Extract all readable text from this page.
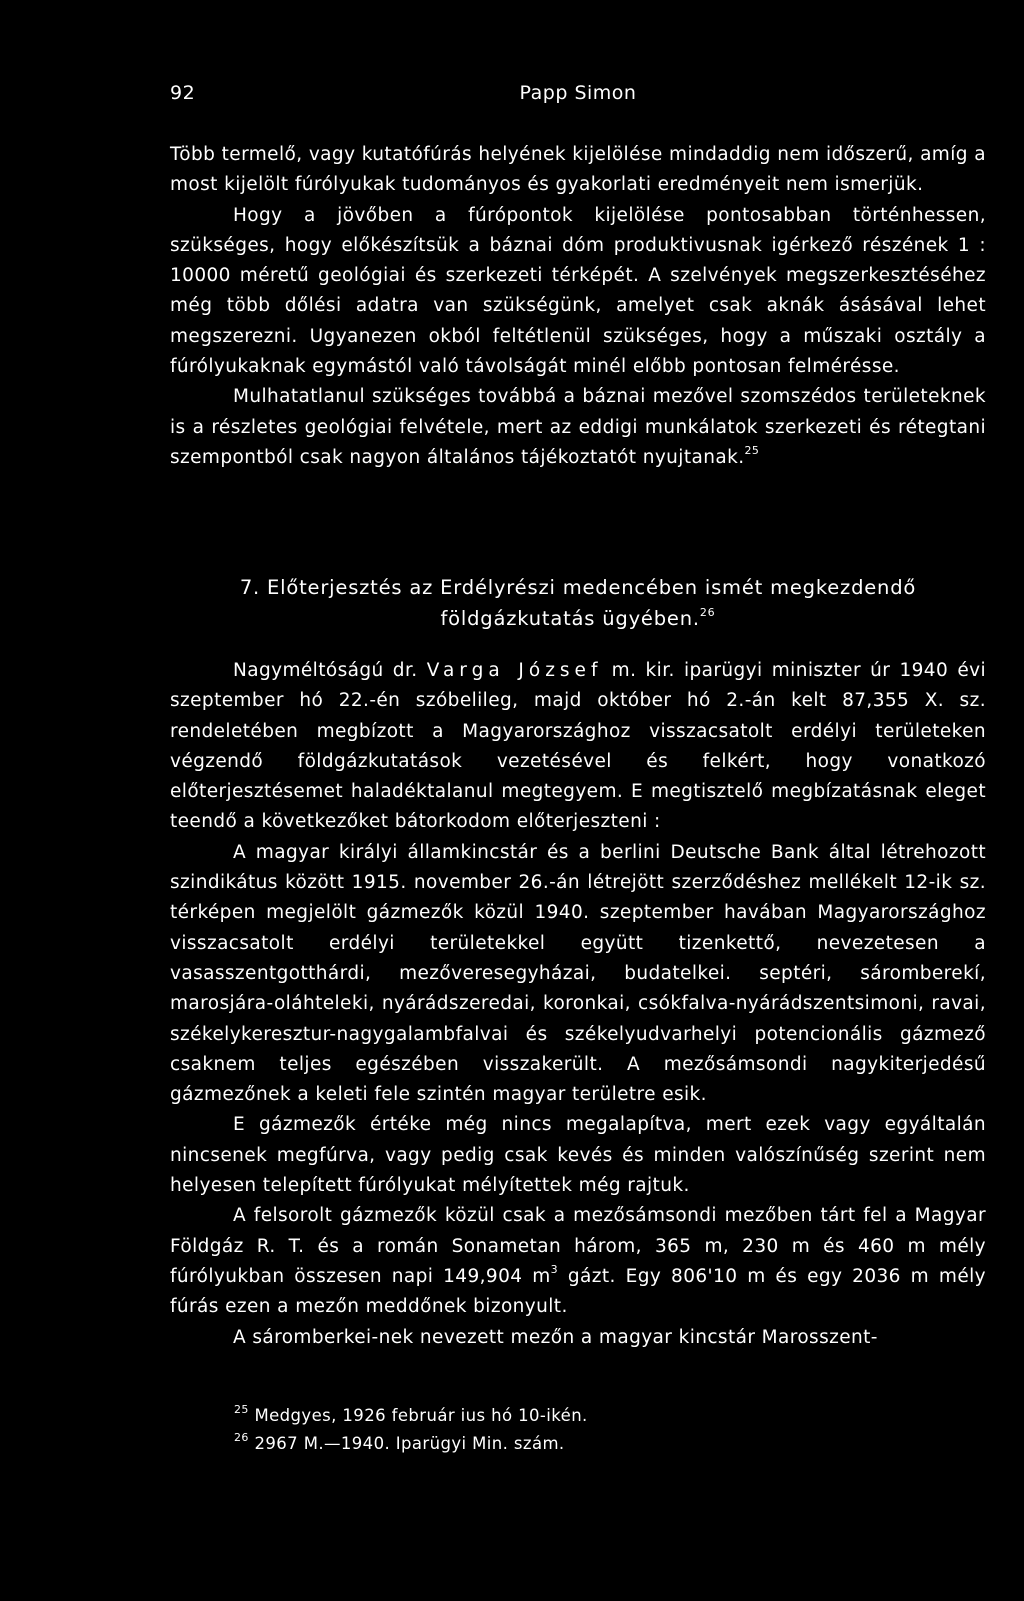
92	Papp Simon

Több termelő, vagy kutatófúrás helyének kijelölése mindaddig nem időszerű, amíg a most kijelölt fúrólyukak tudományos és gyakorlati eredményeit nem ismerjük.

Hogy a jövőben a fúrópontok kijelölése pontosabban történhessen, szükséges, hogy előkészítsük a báznai dóm produktivusnak igérkező részének 1 : 10000 méretű geológiai és szerkezeti térképét. A szelvények megszerkesztéséhez még több dőlési adatra van szükségünk, amelyet csak aknák ásásával lehet megszerezni. Ugyanezen okból feltétlenül szükséges, hogy a műszaki osztály a fúrólyukaknak egymástól való távolságát minél előbb pontosan felmérésse.

Mulhatatlanul szükséges továbbá a báznai mezővel szomszédos területeknek is a részletes geológiai felvétele, mert az eddigi munkálatok szerkezeti és rétegtani szempontból csak nagyon általános tájékoztatót nyujtanak.$^{25}$

7. Előterjesztés az Erdélyrészi medencében ismét megkezdendő
földgázkutatás ügyében.$^{26}$

Nagyméltóságú dr. Varga József m. kir. iparügyi miniszter úr 1940 évi szeptember hó 22.-én szóbelileg, majd október hó 2.-án kelt 87,355 X. sz. rendeletében megbízott a Magyarországhoz visszacsatolt erdélyi területeken végzendő földgázkutatások vezetésével és felkért, hogy vonatkozó előterjesztésemet haladéktalanul megtegyem. E megtisztelő megbízatásnak eleget teendő a következőket bátorkodom előterjeszteni :

A magyar királyi államkincstár és a berlini Deutsche Bank által létrehozott szindikátus között 1915. november 26.-án létrejött szerződéshez mellékelt 12-ik sz. térképen megjelölt gázmezők közül 1940. szeptember havában Magyarországhoz visszacsatolt erdélyi területekkel együtt tizenkettő, nevezetesen a vasasszentgotthárdi, mezőveresegyházai, budatelkei. septéri, sáromberekí, marosjára-oláhteleki, nyárádszeredai, koronkai, csókfalva-nyárádszentsimoni, ravai, székelykeresztur-nagygalambfalvai és székelyudvarhelyi potencionális gázmező csaknem teljes egészében visszakerült. A mezősámsondi nagykiterjedésű gázmezőnek a keleti fele szintén magyar területre esik.

E gázmezők értéke még nincs megalapítva, mert ezek vagy egyáltalán nincsenek megfúrva, vagy pedig csak kevés és minden valószínűség szerint nem helyesen telepített fúrólyukat mélyítettek még rajtuk.

A felsorolt gázmezők közül csak a mezősámsondi mezőben tárt fel a Magyar Földgáz R. T. és a román Sonametan három, 365 m, 230 m és 460 m mély fúrólyukban összesen napi 149,904 $m^3$ gázt. Egy 806'10 m és egy 2036 m mély fúrás ezen a mezőn meddőnek bizonyult.

A sáromberkei-nek nevezett mezőn a magyar kincstár Marosszent-

$^{25}$ Medgyes, 1926 február ius hó 10-ikén.
$^{26}$ 2967 M.—1940. Iparügyi Min. szám.
